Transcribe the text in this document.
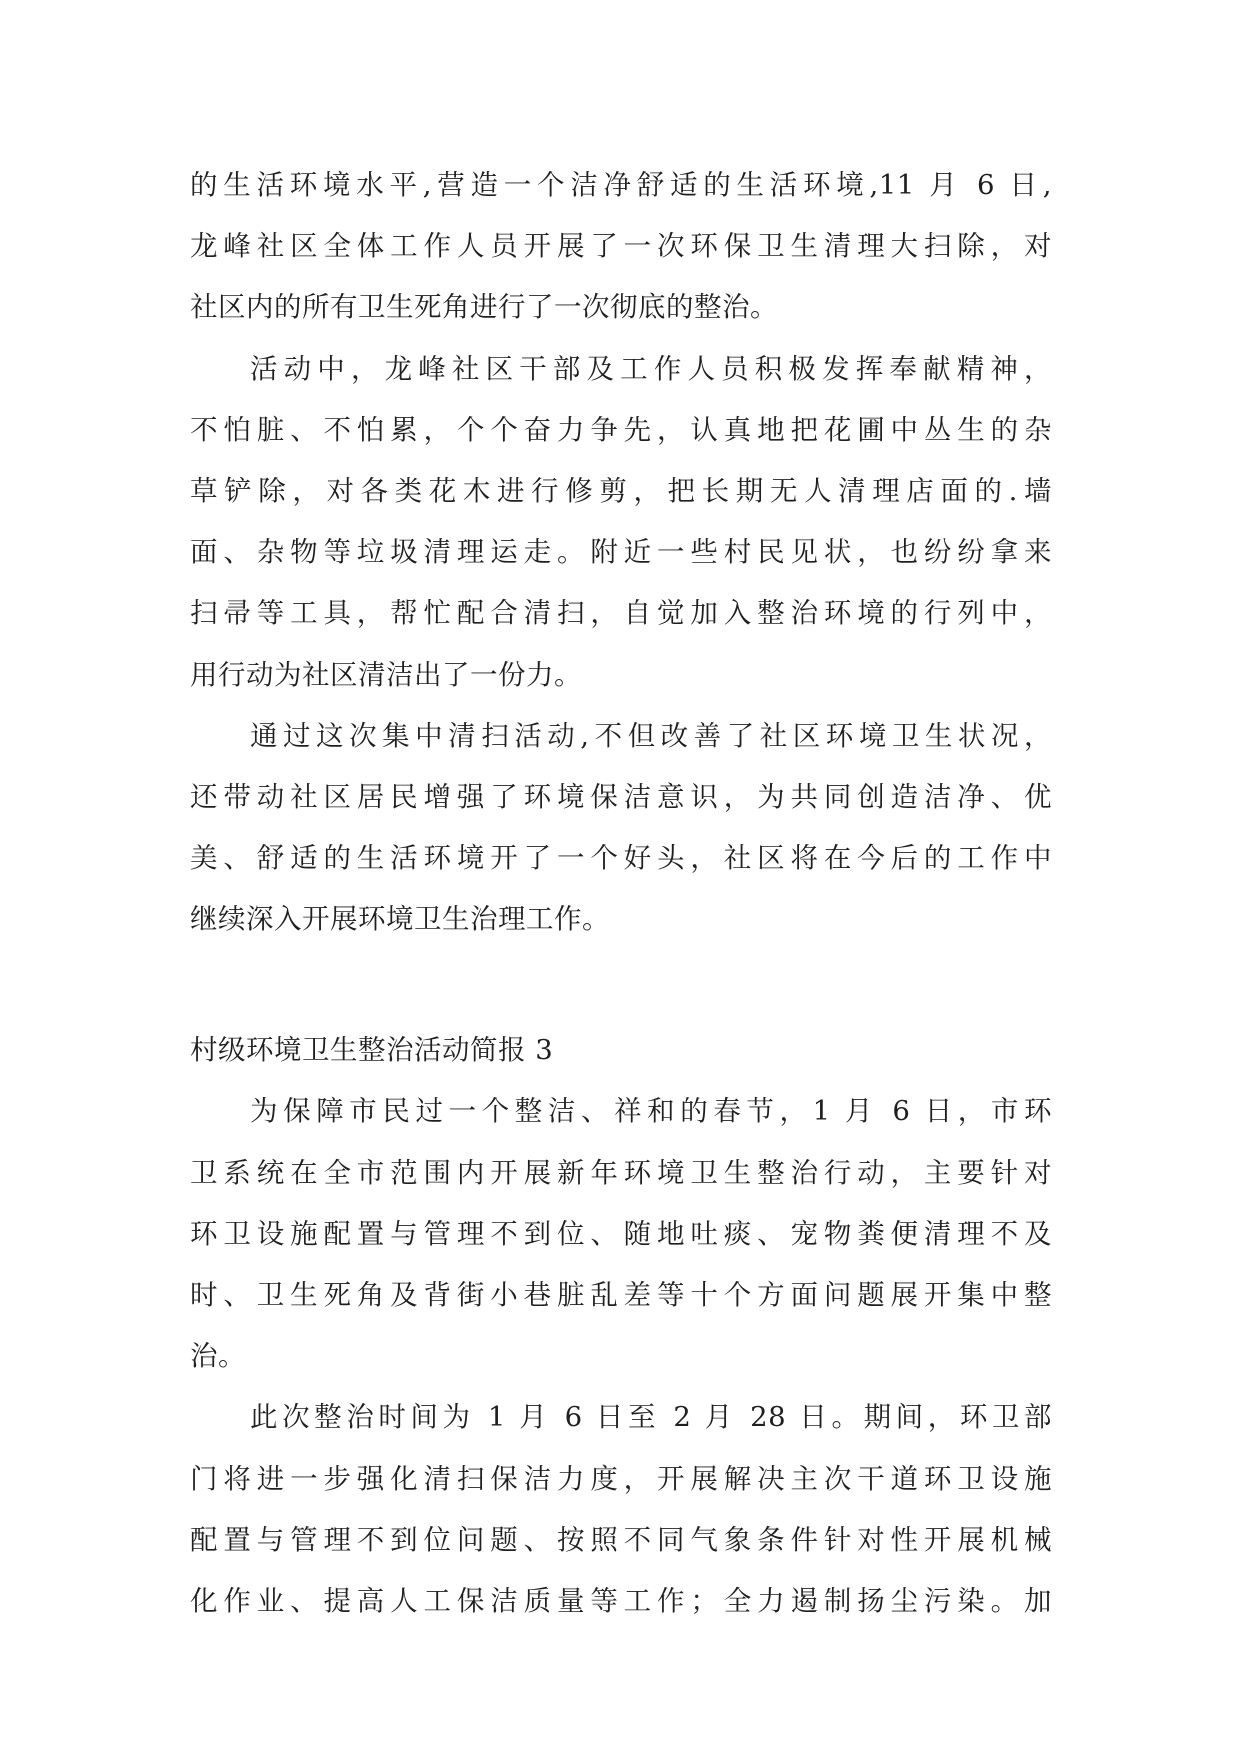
的生活环境水平,营造一个洁净舒适的生活环境,11 月 6 日,
龙峰社区全体工作人员开展了一次环保卫生清理大扫除，对
社区内的所有卫生死角进行了一次彻底的整治。
活动中，龙峰社区干部及工作人员积极发挥奉献精神，
不怕脏、不怕累，个个奋力争先，认真地把花圃中丛生的杂
草铲除，对各类花木进行修剪，把长期无人清理店面的.墙
面、杂物等垃圾清理运走。附近一些村民见状，也纷纷拿来
扫帚等工具，帮忙配合清扫，自觉加入整治环境的行列中，
用行动为社区清洁出了一份力。
通过这次集中清扫活动,不但改善了社区环境卫生状况，
还带动社区居民增强了环境保洁意识，为共同创造洁净、优
美、舒适的生活环境开了一个好头，社区将在今后的工作中
继续深入开展环境卫生治理工作。
村级环境卫生整治活动简报 3
为保障市民过一个整洁、祥和的春节，1 月 6 日，市环
卫系统在全市范围内开展新年环境卫生整治行动，主要针对
环卫设施配置与管理不到位、随地吐痰、宠物粪便清理不及
时、卫生死角及背街小巷脏乱差等十个方面问题展开集中整
治。
此次整治时间为 1 月 6 日至 2 月 28 日。期间，环卫部
门将进一步强化清扫保洁力度，开展解决主次干道环卫设施
配置与管理不到位问题、按照不同气象条件针对性开展机械
化作业、提高人工保洁质量等工作；全力遏制扬尘污染。加
